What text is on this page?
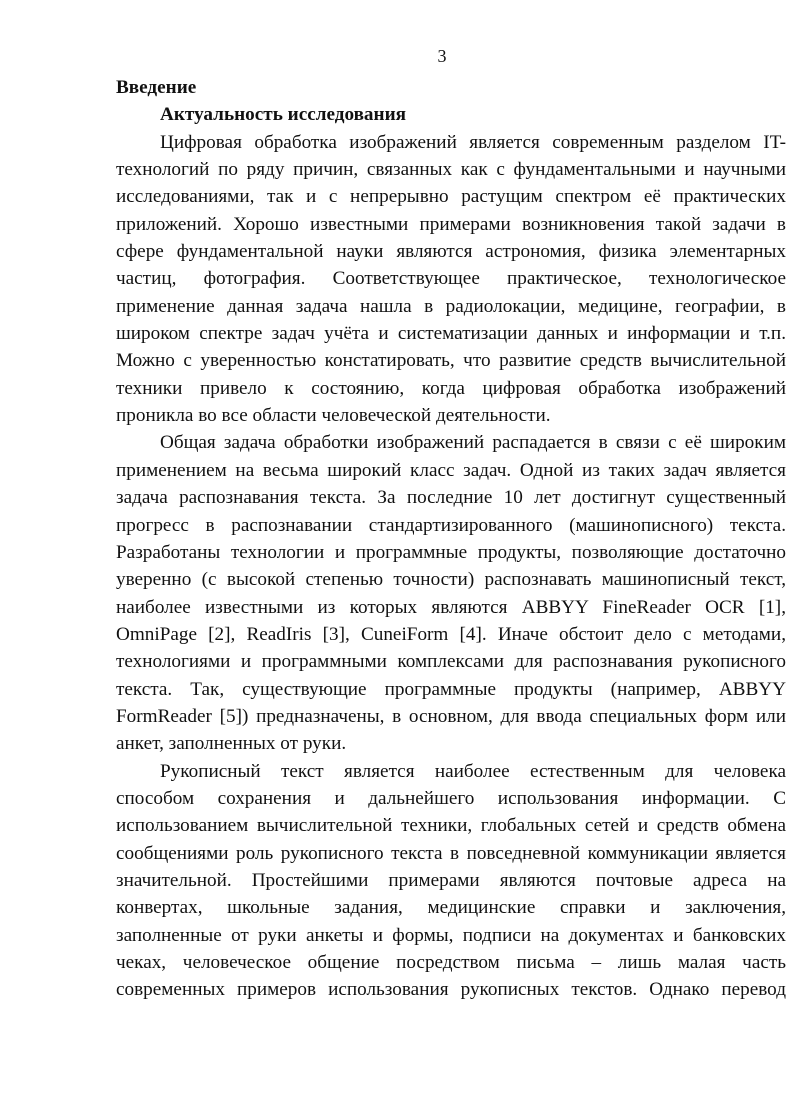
3
Введение
Актуальность исследования
Цифровая обработка изображений является современным разделом IT-
технологий по ряду причин, связанных как с фундаментальными и научными
исследованиями, так и с непрерывно растущим спектром её практических
приложений. Хорошо известными примерами возникновения такой задачи в
сфере фундаментальной науки являются астрономия, физика элементарных
частиц, фотография. Соответствующее практическое, технологическое
применение данная задача нашла в радиолокации, медицине, географии, в
широком спектре задач учёта и систематизации данных и информации и т.п.
Можно с уверенностью констатировать, что развитие средств вычислительной
техники привело к состоянию, когда цифровая обработка изображений
проникла во все области человеческой деятельности.
Общая задача обработки изображений распадается в связи с её широким
применением на весьма широкий класс задач. Одной из таких задач является
задача распознавания текста. За последние 10 лет достигнут существенный
прогресс в распознавании стандартизированного (машинописного) текста.
Разработаны технологии и программные продукты, позволяющие достаточно
уверенно (с высокой степенью точности) распознавать машинописный текст,
наиболее известными из которых являются ABBYY FineReader OCR [1],
OmniPage [2], ReadIris [3], CuneiForm [4]. Иначе обстоит дело с методами,
технологиями и программными комплексами для распознавания рукописного
текста. Так, существующие программные продукты (например, ABBYY
FormReader [5]) предназначены, в основном, для ввода специальных форм или
анкет, заполненных от руки.
Рукописный текст является наиболее естественным для человека
способом сохранения и дальнейшего использования информации. С
использованием вычислительной техники, глобальных сетей и средств обмена
сообщениями роль рукописного текста в повседневной коммуникации является
значительной. Простейшими примерами являются почтовые адреса на
конвертах, школьные задания, медицинские справки и заключения,
заполненные от руки анкеты и формы, подписи на документах и банковских
чеках, человеческое общение посредством письма – лишь малая часть
современных примеров использования рукописных текстов. Однако перевод
